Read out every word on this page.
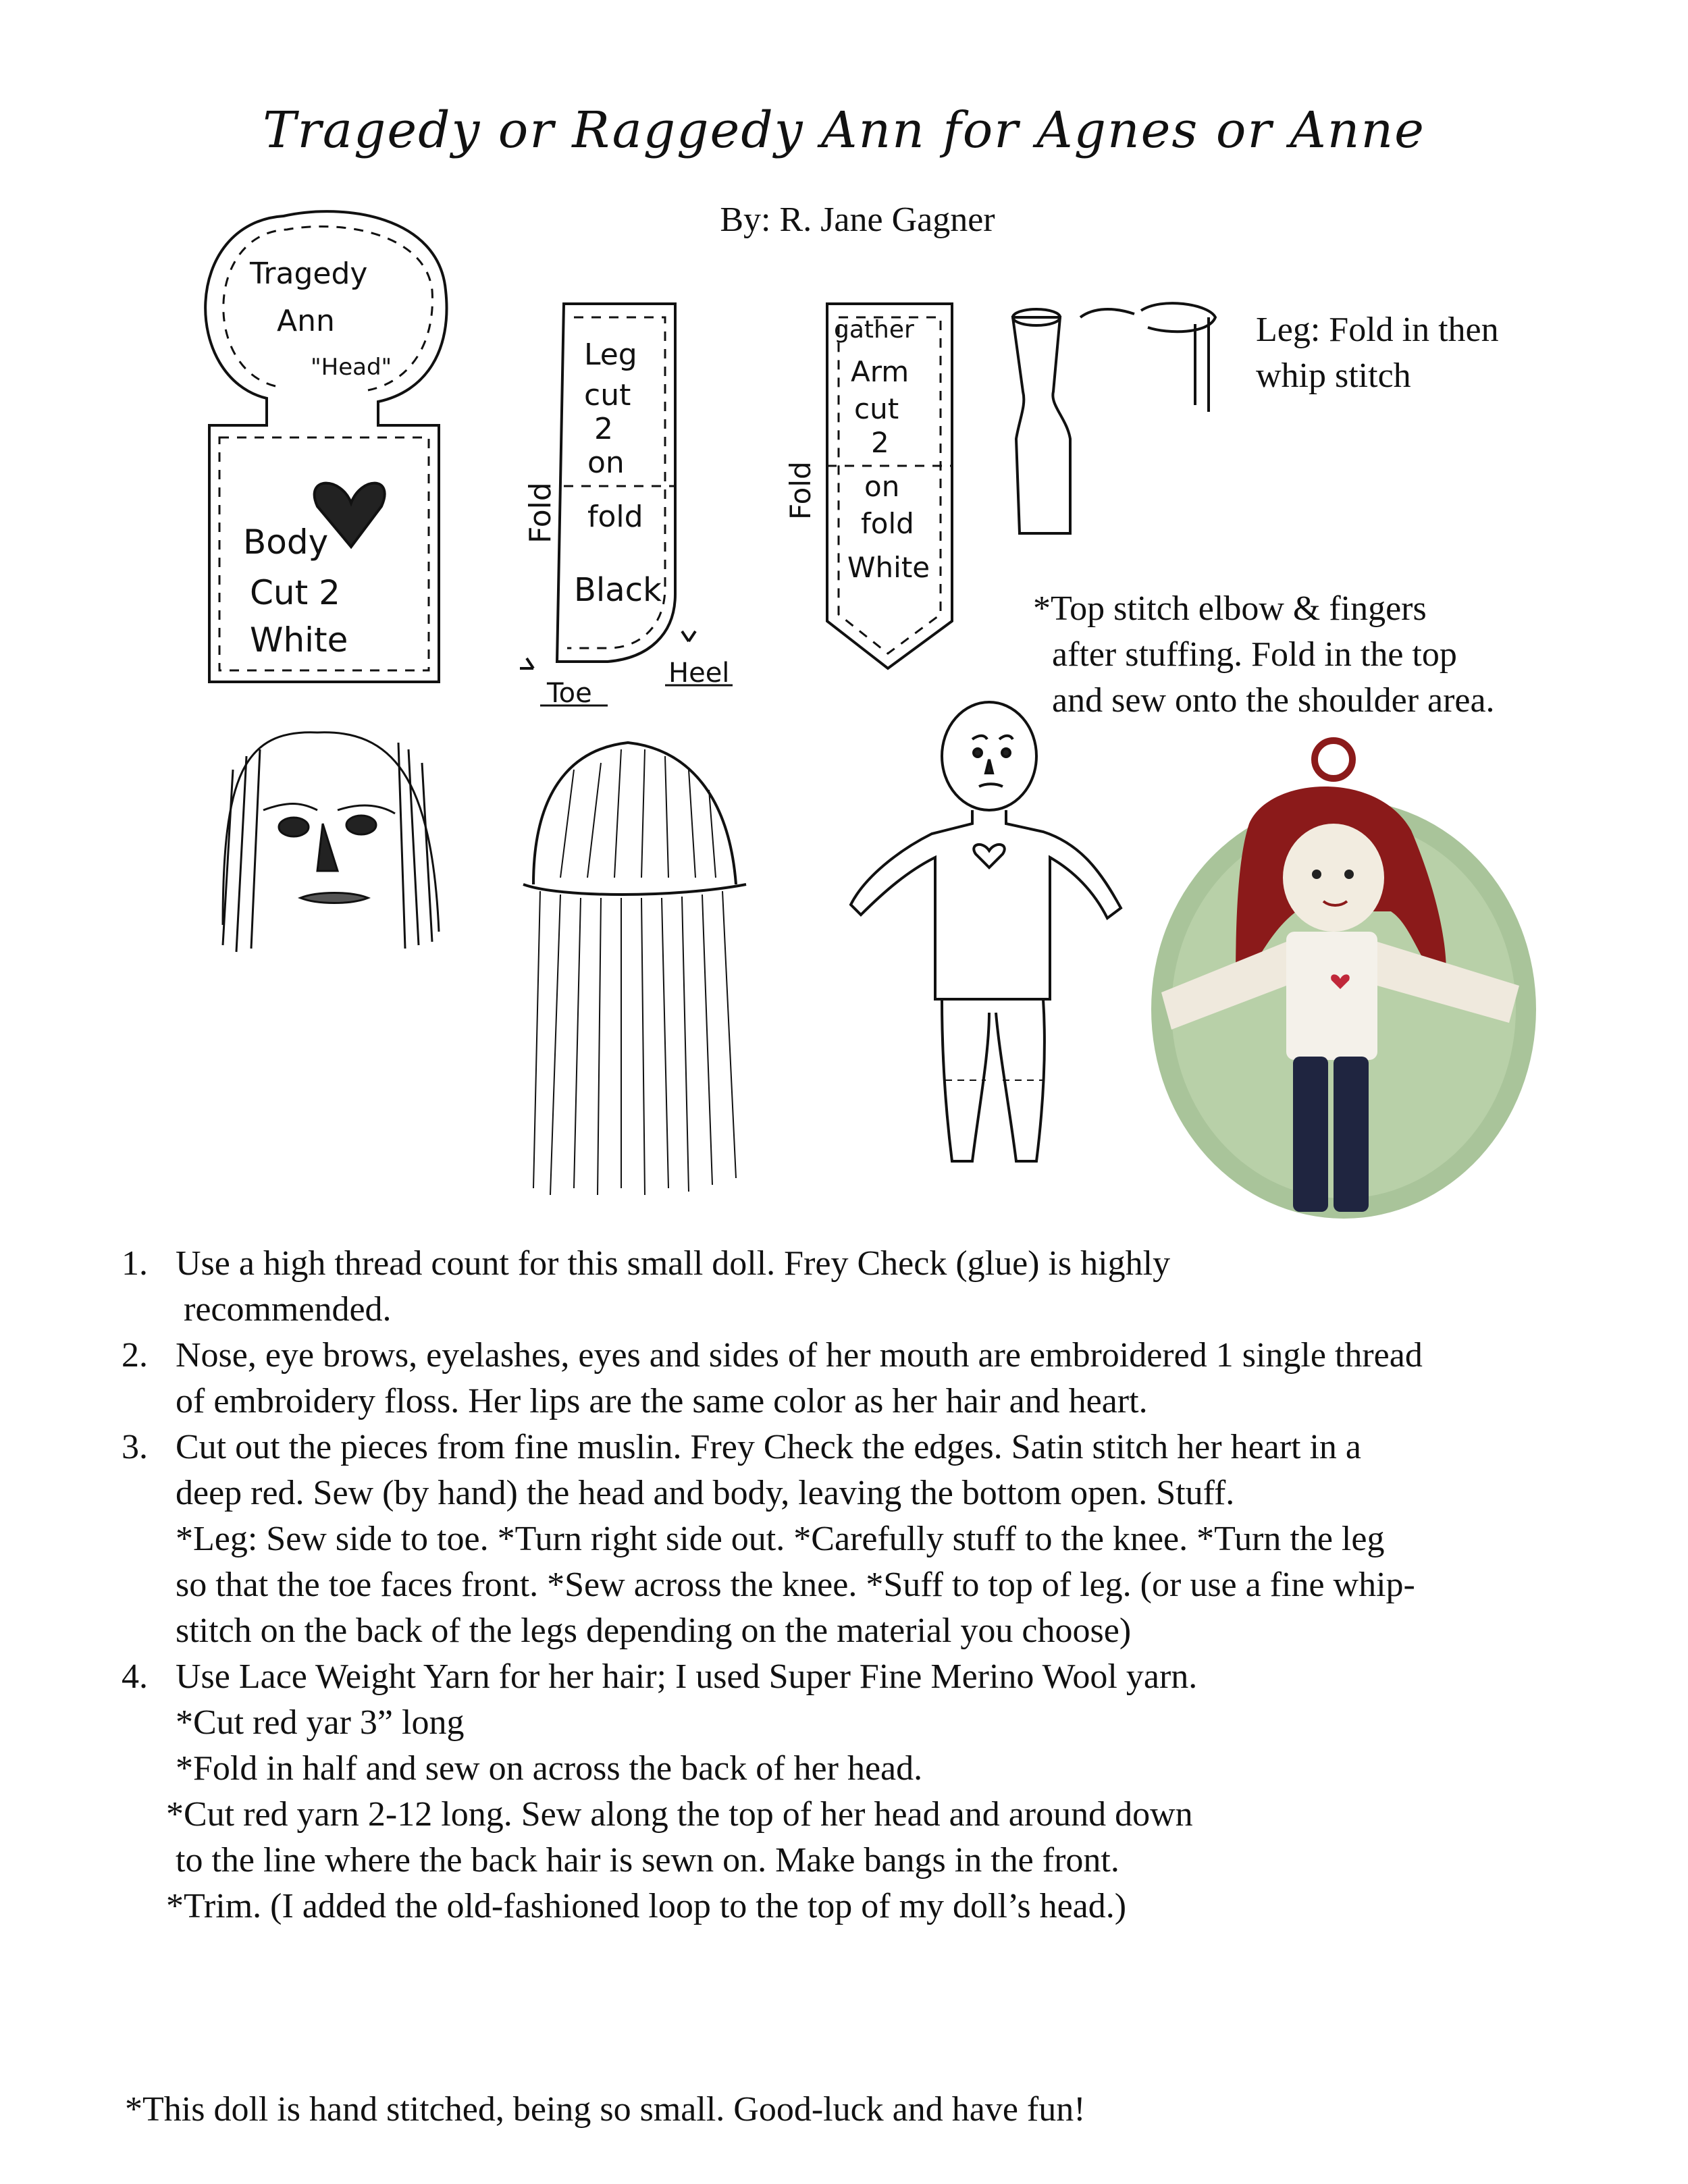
Tragedy or Raggedy Ann for Agnes or Anne
By: R. Jane Gagner
Tragedy
Ann
"Head"
Body
Cut 2
White
Leg
cut
2
on
fold
Black
Fold
Toe
Heel
gather
Arm
cut
2
on
fold
White
Fold
Leg: Fold in then
whip stitch
*Top stitch elbow & fingers
after stuffing. Fold in the top
and sew onto the shoulder area.
1. Use a high thread count for this small doll. Frey Check (glue) is highly
recommended.
2. Nose, eye brows, eyelashes, eyes and sides of her mouth are embroidered 1 single thread
of embroidery floss. Her lips are the same color as her hair and heart.
3. Cut out the pieces from fine muslin. Frey Check the edges. Satin stitch her heart in a
deep red. Sew (by hand) the head and body, leaving the bottom open. Stuff.
*Leg: Sew side to toe. *Turn right side out. *Carefully stuff to the knee. *Turn the leg
so that the toe faces front. *Sew across the knee. *Suff to top of leg. (or use a fine whip-
stitch on the back of the legs depending on the material you choose)
4. Use Lace Weight Yarn for her hair; I used Super Fine Merino Wool yarn.
*Cut red yar 3” long
*Fold in half and sew on across the back of her head.
*Cut red yarn 2-12 long. Sew along the top of her head and around down
to the line where the back hair is sewn on. Make bangs in the front.
*Trim. (I added the old-fashioned loop to the top of my doll’s head.)
*This doll is hand stitched, being so small. Good-luck and have fun!
